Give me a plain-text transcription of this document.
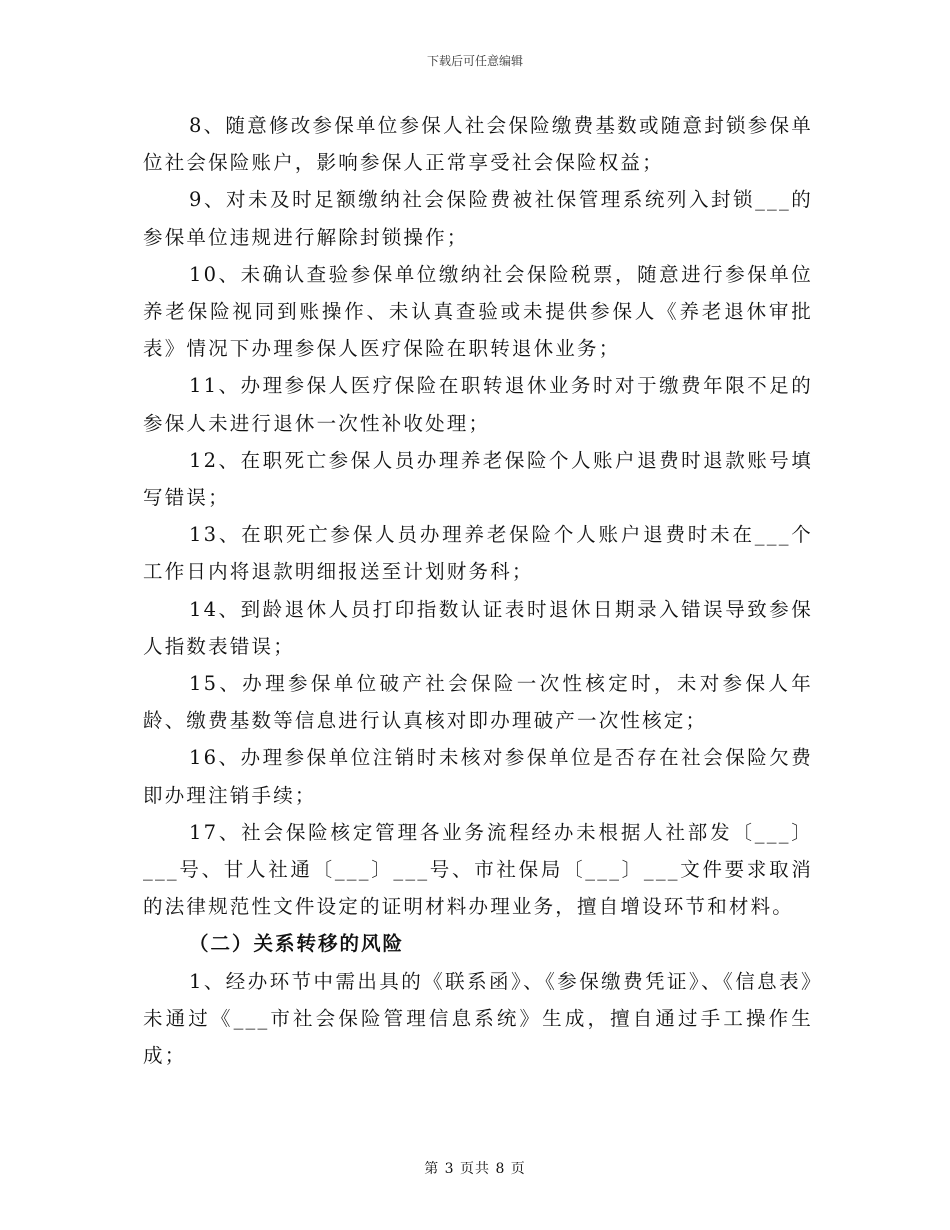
下载后可任意编辑

8、随意修改参保单位参保人社会保险缴费基数或随意封锁参保单位社会保险账户，影响参保人正常享受社会保险权益；

9、对未及时足额缴纳社会保险费被社保管理系统列入封锁___的参保单位违规进行解除封锁操作；

10、未确认查验参保单位缴纳社会保险税票，随意进行参保单位养老保险视同到账操作、未认真查验或未提供参保人《养老退休审批表》情况下办理参保人医疗保险在职转退休业务；

11、办理参保人医疗保险在职转退休业务时对于缴费年限不足的参保人未进行退休一次性补收处理；

12、在职死亡参保人员办理养老保险个人账户退费时退款账号填写错误；

13、在职死亡参保人员办理养老保险个人账户退费时未在___个工作日内将退款明细报送至计划财务科；

14、到龄退休人员打印指数认证表时退休日期录入错误导致参保人指数表错误；

15、办理参保单位破产社会保险一次性核定时，未对参保人年龄、缴费基数等信息进行认真核对即办理破产一次性核定；

16、办理参保单位注销时未核对参保单位是否存在社会保险欠费即办理注销手续；

17、社会保险核定管理各业务流程经办未根据人社部发〔___〕___号、甘人社通〔___〕___号、市社保局〔___〕___文件要求取消的法律规范性文件设定的证明材料办理业务，擅自增设环节和材料。

（二）关系转移的风险

1、经办环节中需出具的《联系函》、《参保缴费凭证》、《信息表》未通过《___市社会保险管理信息系统》生成，擅自通过手工操作生成；

第 3 页共 8 页
